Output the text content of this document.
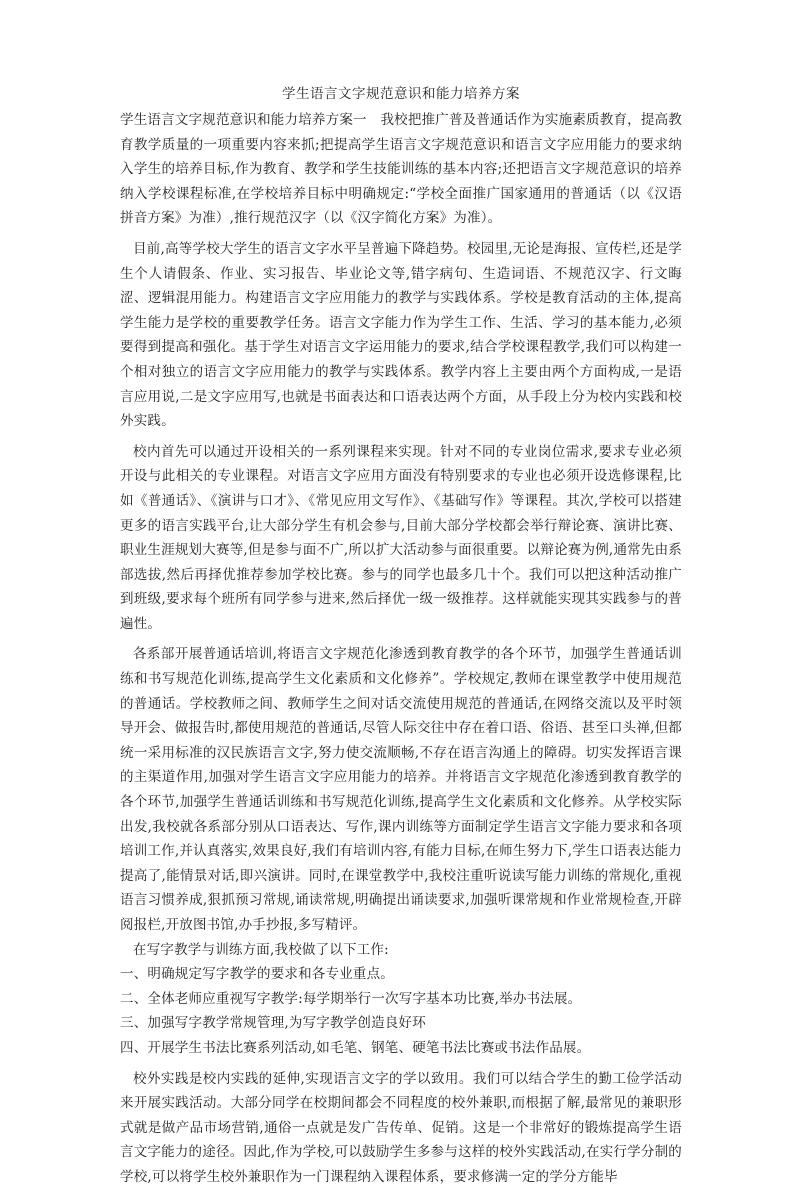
学生语言文字规范意识和能力培养方案

学生语言文字规范意识和能力培养方案一　我校把推广普及普通话作为实施素质教育，提高教育教学质量的一项重要内容来抓;把提高学生语言文字规范意识和语言文字应用能力的要求纳入学生的培养目标,作为教育、教学和学生技能训练的基本内容;还把语言文字规范意识的培养纳入学校课程标准,在学校培养目标中明确规定:“学校全面推广国家通用的普通话（以《汉语拼音方案》为准）,推行规范汉字（以《汉字简化方案》为准）。

目前,高等学校大学生的语言文字水平呈普遍下降趋势。校园里,无论是海报、宣传栏,还是学生个人请假条、作业、实习报告、毕业论文等,错字病句、生造词语、不规范汉字、行文晦涩、逻辑混用能力。构建语言文字应用能力的教学与实践体系。学校是教育活动的主体,提高学生能力是学校的重要教学任务。语言文字能力作为学生工作、生活、学习的基本能力,必须要得到提高和强化。基于学生对语言文字运用能力的要求,结合学校课程教学,我们可以构建一个相对独立的语言文字应用能力的教学与实践体系。教学内容上主要由两个方面构成,一是语言应用说,二是文字应用写,也就是书面表达和口语表达两个方面，从手段上分为校内实践和校外实践。

校内首先可以通过开设相关的一系列课程来实现。针对不同的专业岗位需求,要求专业必须开设与此相关的专业课程。对语言文字应用方面没有特别要求的专业也必须开设选修课程,比如《普通话》、《演讲与口才》、《常见应用文写作》、《基础写作》等课程。其次,学校可以搭建更多的语言实践平台,让大部分学生有机会参与,目前大部分学校都会举行辩论赛、演讲比赛、职业生涯规划大赛等,但是参与面不广,所以扩大活动参与面很重要。以辩论赛为例,通常先由系部选拔,然后再择优推荐参加学校比赛。参与的同学也最多几十个。我们可以把这种活动推广到班级,要求每个班所有同学参与进来,然后择优一级一级推荐。这样就能实现其实践参与的普遍性。

各系部开展普通话培训,将语言文字规范化渗透到教育教学的各个环节，加强学生普通话训练和书写规范化训练,提高学生文化素质和文化修养”。学校规定,教师在课堂教学中使用规范的普通话。学校教师之间、教师学生之间对话交流使用规范的普通话,在网络交流以及平时领导开会、做报告时,都使用规范的普通话,尽管人际交往中存在着口语、俗语、甚至口头禅,但都统一采用标准的汉民族语言文字,努力使交流顺畅,不存在语言沟通上的障碍。切实发挥语言课的主渠道作用,加强对学生语言文字应用能力的培养。并将语言文字规范化渗透到教育教学的各个环节,加强学生普通话训练和书写规范化训练,提高学生文化素质和文化修养。从学校实际出发,我校就各系部分别从口语表达、写作,课内训练等方面制定学生语言文字能力要求和各项培训工作,并认真落实,效果良好,我们有培训内容,有能力目标,在师生努力下,学生口语表达能力提高了,能情景对话,即兴演讲。同时,在课堂教学中,我校注重听说读写能力训练的常规化,重视语言习惯养成,狠抓预习常规,诵读常规,明确提出诵读要求,加强听课常规和作业常规检查,开辟阅报栏,开放图书馆,办手抄报,多写精评。

在写字教学与训练方面,我校做了以下工作:

一、明确规定写字教学的要求和各专业重点。

二、全体老师应重视写字教学:每学期举行一次写字基本功比赛,举办书法展。

三、加强写字教学常规管理,为写字教学创造良好环

四、开展学生书法比赛系列活动,如毛笔、钢笔、硬笔书法比赛或书法作品展。

校外实践是校内实践的延伸,实现语言文字的学以致用。我们可以结合学生的勤工俭学活动来开展实践活动。大部分同学在校期间都会不同程度的校外兼职,而根据了解,最常见的兼职形式就是做产品市场营销,通俗一点就是发广告传单、促销。这是一个非常好的锻炼提高学生语言文字能力的途径。因此,作为学校,可以鼓励学生多参与这样的校外实践活动,在实行学分制的学校,可以将学生校外兼职作为一门课程纳入课程体系，要求修满一定的学分方能毕
